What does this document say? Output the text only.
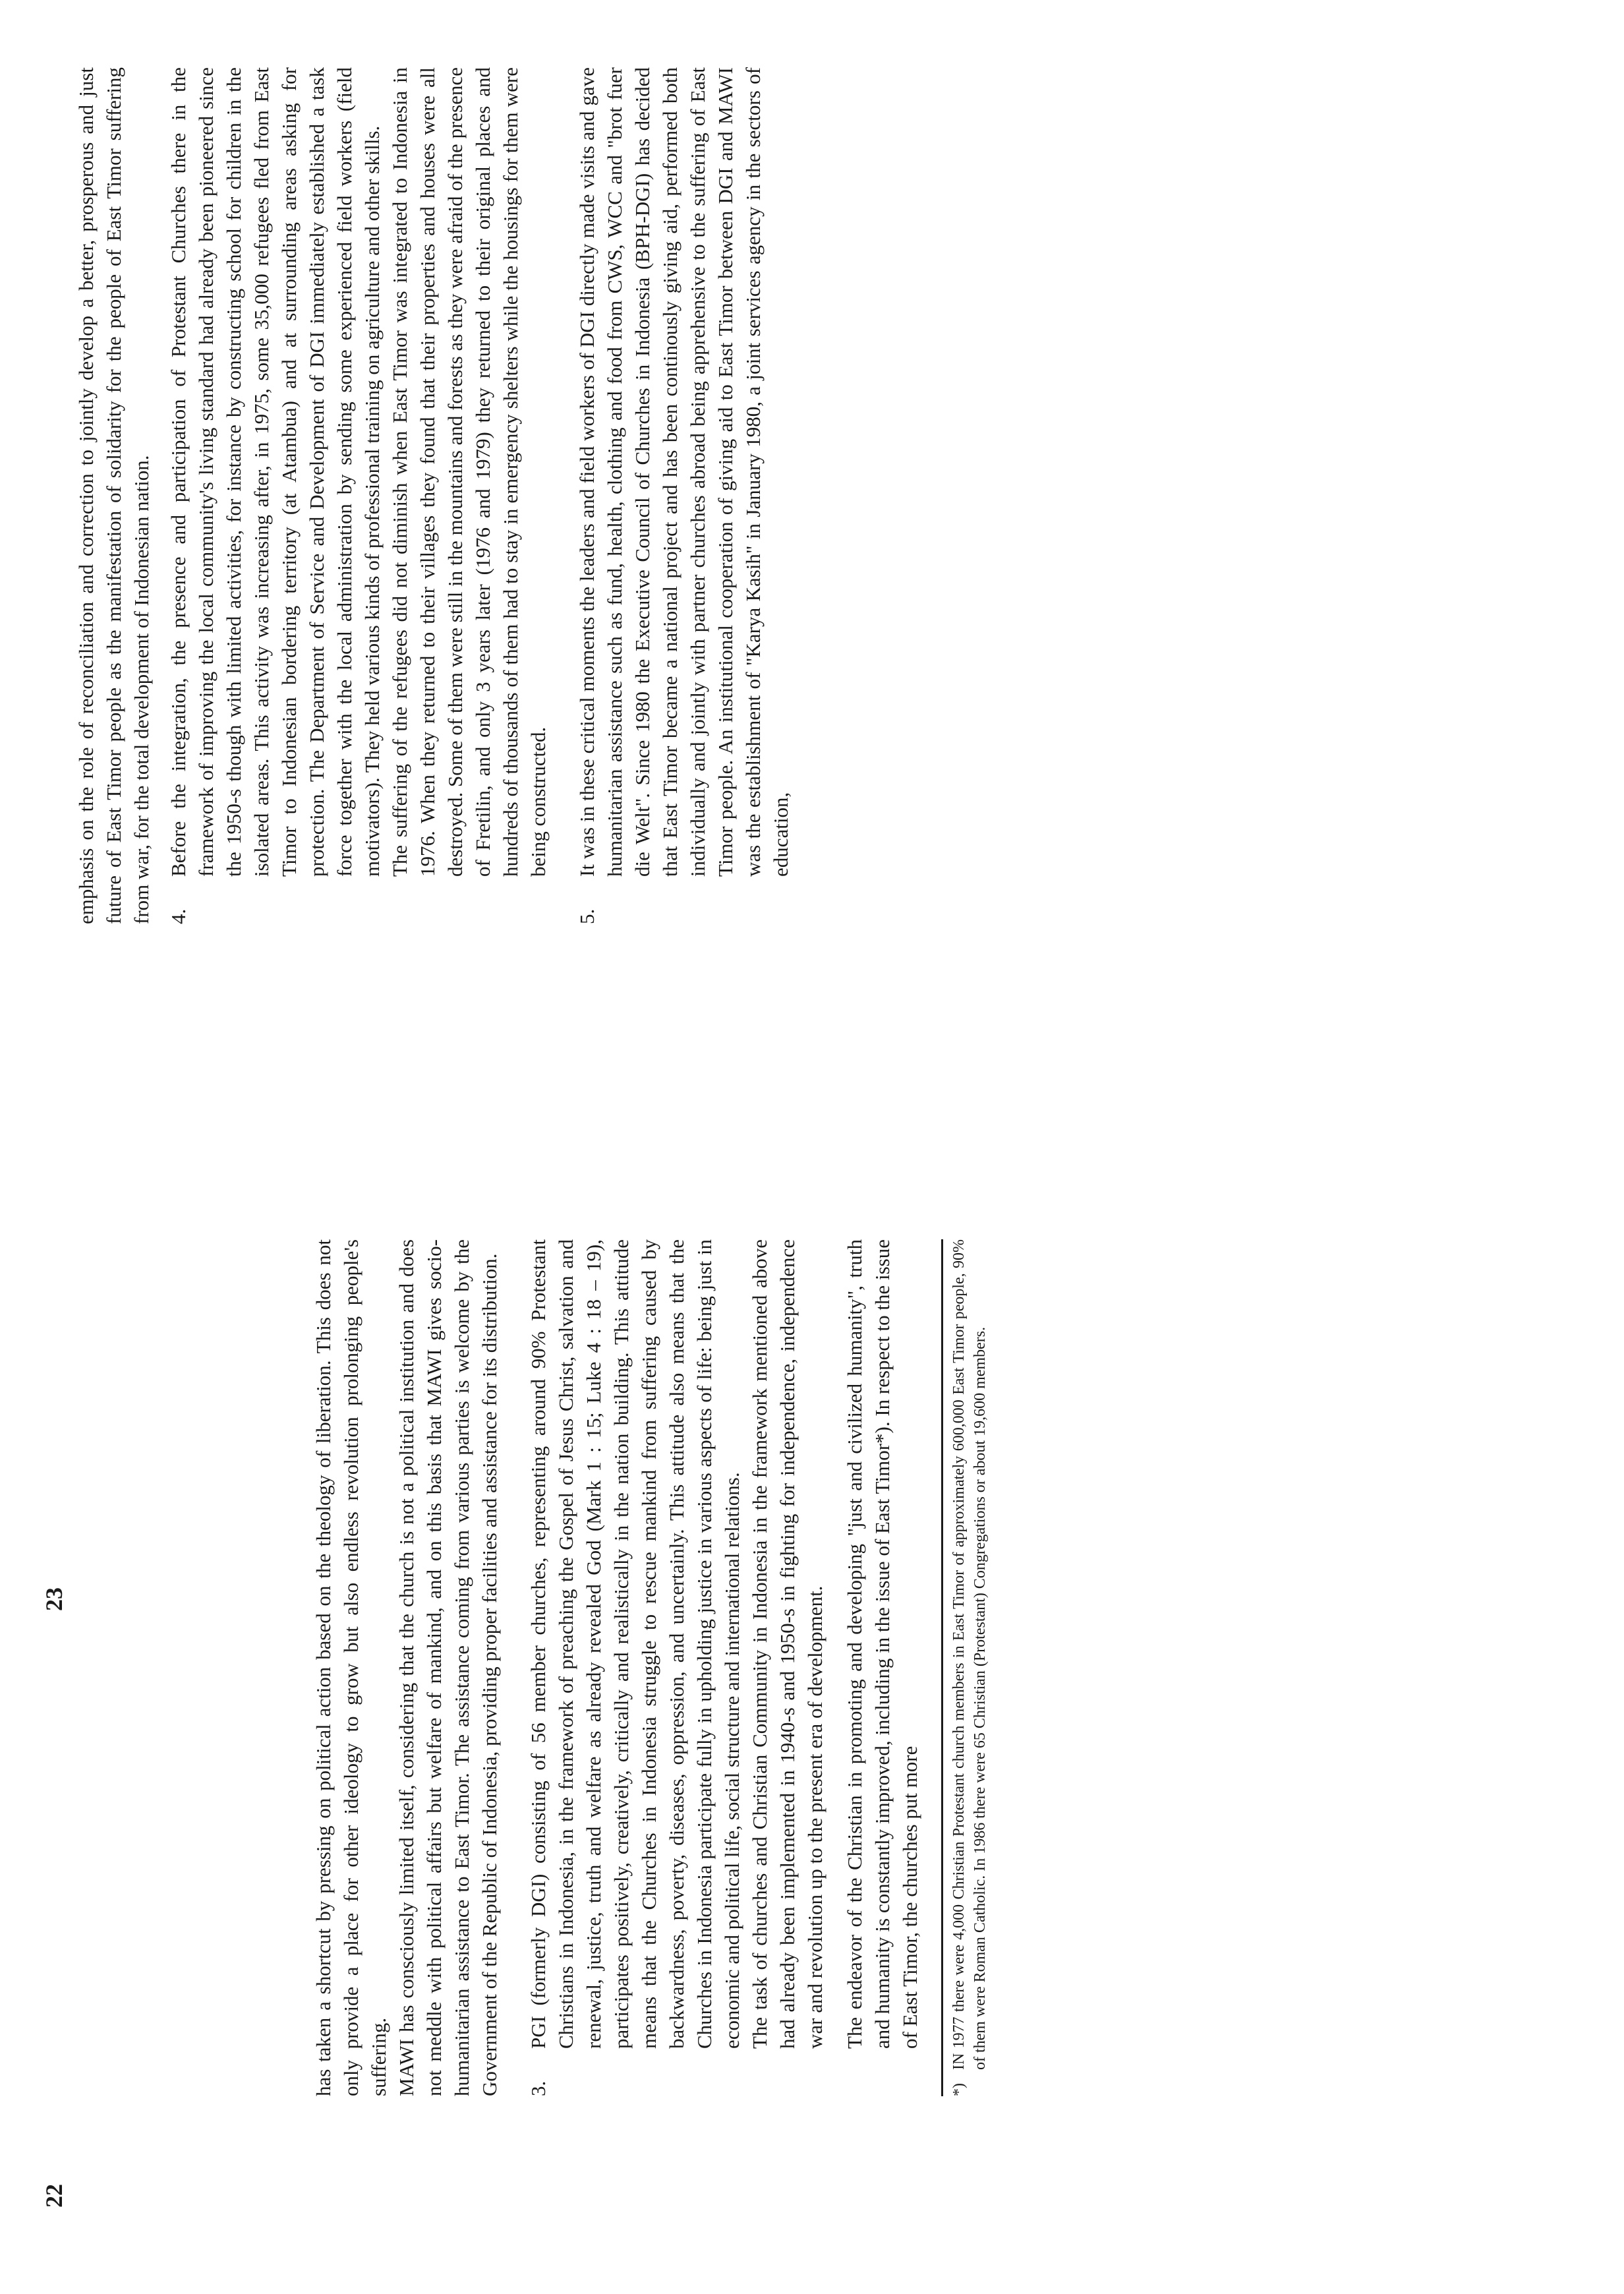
23
22

emphasis on the role of reconciliation and correction to jointly develop a better, prosperous and just future of East Timor people as the manifestation of solidarity for the people of East Timor suffering from war, for the total development of Indonesian nation. 4.

Before the integration, the presence and participation of Protestant Churches there in the framework of improving the local community's living standard had already been pioneered since the 1950-s though with limited activities, for instance by constructing school for children in the isolated areas. This activity was increasing after, in 1975, some 35,000 refugees fled from East Timor to Indonesian bordering territory (at Atambua) and at surrounding areas asking for protection. The Department of Service and Development of DGI immediately established a task force together with the local administration by sending some experienced field workers (field motivators). They held various kinds of professional training on agriculture and other skills. The suffering of the refugees did not diminish when East Timor was integrated to Indonesia in 1976. When they returned to their villages they found that their properties and houses were all destroyed. Some of them were still in the mountains and forests as they were afraid of the presence of Fretilin, and only 3 years later (1976 and 1979) they returned to their original places and hundreds of thousands of them had to stay in emergency shelters while the housings for them were being constructed.

5.

It was in these critical moments the leaders and field workers of DGI directly made visits and gave humanitarian assistance such as fund, health, clothing and food from CWS, WCC and "brot fuer die Welt". Since 1980 the Executive Council of Churches in Indonesia (BPH-DGI) has decided that East Timor became a national project and has been continously giving aid, performed both individually and jointly with partner churches abroad being apprehensive to the suffering of East Timor people. An institutional cooperation of giving aid to East Timor between DGI and MAWI was the establishment of "Karya Kasih" in January 1980, a joint services agency in the sectors of education,

has taken a shortcut by pressing on political action based on the theology of liberation. This does not only provide a place for other ideology to grow but also endless revolution prolonging people's suffering. MAWI has consciously limited itself, considering that the church is not a political institution and does not meddle with political affairs but welfare of mankind, and on this basis that MAWI gives socio-humanitarian assistance to East Timor. The assistance coming from various parties is welcome by the Government of the Republic of Indonesia, providing proper facilities and assistance for its distribution. 3.

PGI (formerly DGI) consisting of 56 member churches, representing around 90% Protestant Christians in Indonesia, in the framework of preaching the Gospel of Jesus Christ, salvation and renewal, justice, truth and welfare as already revealed God (Mark 1 : 15; Luke 4 : 18 – 19), participates positively, creatively, critically and realistically in the nation building. This attitude means that the Churches in Indonesia struggle to rescue mankind from suffering caused by backwardness, poverty, diseases, oppression, and uncertainly. This attitude also means that the Churches in Indonesia participate fully in upholding justice in various aspects of life: being just in economic and political life, social structure and international relations. The task of churches and Christian Community in Indonesia in the framework mentioned above had already been implemented in 1940-s and 1950-s in fighting for independence, independence war and revolution up to the present era of development. The endeavor of the Christian in promoting and developing "just and civilized humanity", truth and humanity is constantly improved, including in the issue of East Timor*). In respect to the issue of East Timor, the churches put more

*)
IN 1977 there were 4,000 Christian Protestant church members in East Timor of approximately 600,000 East Timor people, 90% of them were Roman Catholic. In 1986 there were 65 Christian (Protestant) Congregations or about 19,600 members.
